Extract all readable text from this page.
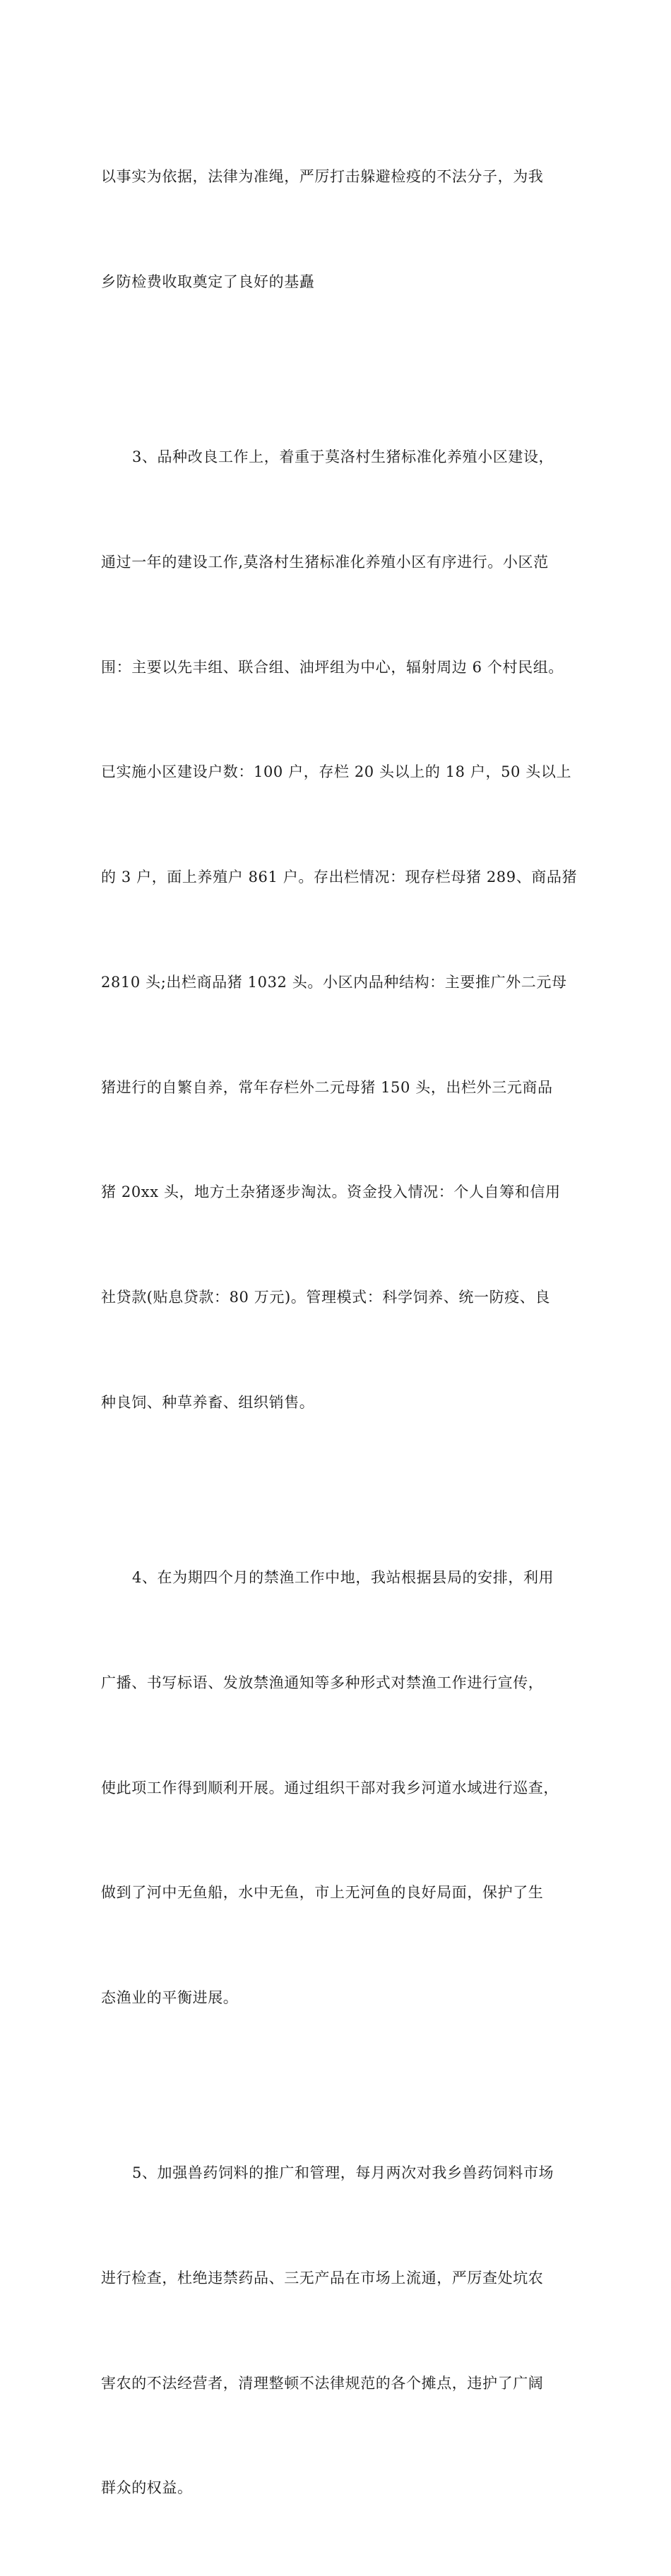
以事实为依据，法律为准绳，严厉打击躲避检疫的不法分子，为我

乡防检费收取奠定了良好的基矗

3、品种改良工作上，着重于莫洛村生猪标准化养殖小区建设，

通过一年的建设工作,莫洛村生猪标准化养殖小区有序进行。小区范

围：主要以先丰组、联合组、油坪组为中心，辐射周边 6 个村民组。

已实施小区建设户数：100 户，存栏 20 头以上的 18 户，50 头以上

的 3 户，面上养殖户 861 户。存出栏情况：现存栏母猪 289、商品猪

2810 头;出栏商品猪 1032 头。小区内品种结构：主要推广外二元母

猪进行的自繁自养，常年存栏外二元母猪 150 头，出栏外三元商品

猪 20xx 头，地方土杂猪逐步淘汰。资金投入情况：个人自筹和信用

社贷款(贴息贷款：80 万元)。管理模式：科学饲养、统一防疫、良

种良饲、种草养畜、组织销售。

4、在为期四个月的禁渔工作中地，我站根据县局的安排，利用

广播、书写标语、发放禁渔通知等多种形式对禁渔工作进行宣传，

使此项工作得到顺利开展。通过组织干部对我乡河道水域进行巡查，

做到了河中无鱼船，水中无鱼，市上无河鱼的良好局面，保护了生

态渔业的平衡进展。

5、加强兽药饲料的推广和管理，每月两次对我乡兽药饲料市场

进行检查，杜绝违禁药品、三无产品在市场上流通，严厉查处坑农

害农的不法经营者，清理整顿不法律规范的各个摊点，违护了广阔

群众的权益。
